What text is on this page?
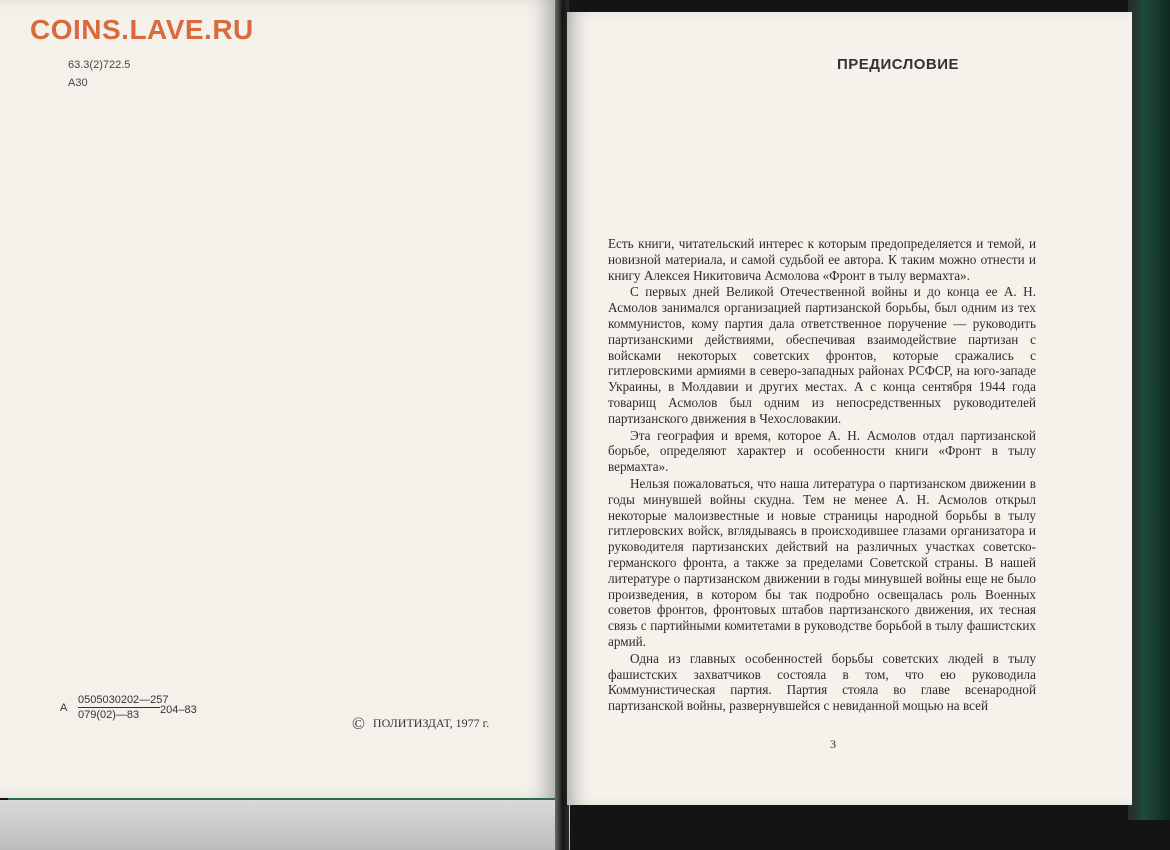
63.3(2)722.5
А30
А $\frac{0505030202—257}{079(02)—83} 204-83$
© ПОЛИТИЗДАТ, 1977 г.
ПРЕДИСЛОВИЕ

Есть книги, читательский интерес к которым предопределяется и темой, и новизной материала, и самой судьбой ее автора. К таким можно отнести и книгу Алексея Никитовича Асмолова «Фронт в тылу вермахта».

С первых дней Великой Отечественной войны и до конца ее А. Н. Асмолов занимался организацией партизанской борьбы, был одним из тех коммунистов, кому партия дала ответственное поручение — руководить партизанскими действиями, обеспечивая взаимодействие партизан с войсками некоторых советских фронтов, которые сражались с гитлеровскими армиями в северо-западных районах РСФСР, на юго-западе Украины, в Молдавии и других местах. А с конца сентября 1944 года товарищ Асмолов был одним из непосредственных руководителей партизанского движения в Чехословакии.

Эта география и время, которое А. Н. Асмолов отдал партизанской борьбе, определяют характер и особенности книги «Фронт в тылу вермахта».

Нельзя пожаловаться, что наша литература о партизанском движении в годы минувшей войны скудна. Тем не менее А. Н. Асмолов открыл некоторые малоизвестные и новые страницы народной борьбы в тылу гитлеровских войск, вглядываясь в происходившее глазами организатора и руководителя партизанских действий на различных участках советско-германского фронта, а также за пределами Советской страны. В нашей литературе о партизанском движении в годы минувшей войны еще не было произведения, в котором бы так подробно освещалась роль Военных советов фронтов, фронтовых штабов партизанского движения, их тесная связь с партийными комитетами в руководстве борьбой в тылу фашистских армий.

Одна из главных особенностей борьбы советских людей в тылу фашистских захватчиков состояла в том, что ею руководила Коммунистическая партия. Партия стояла во главе всенародной партизанской войны, развернувшейся с невиданной мощью на всей

3
COINS.LAVE.RU
